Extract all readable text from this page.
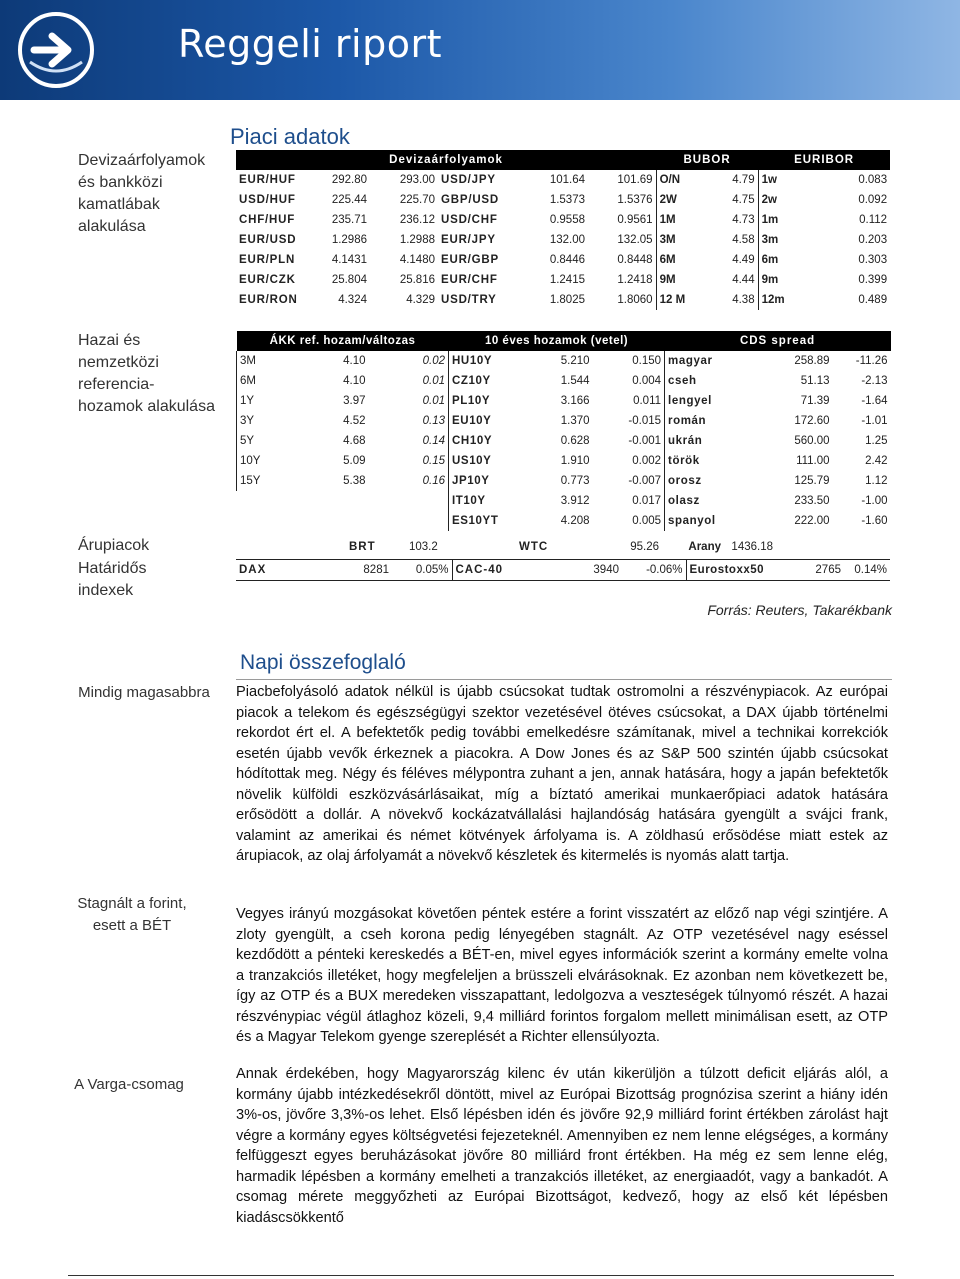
Reggeli riport
Piaci adatok
Devizaárfolyamok
és bankközi
kamatlábak
alakulása
Hazai és
nemzetközi
referencia-
hozamok alakulása
Árupiacok
Határidős
indexek
Devizaárfolyamok						BUBOR		EURIBOR	
EUR/HUF	292.80	293.00	USD/JPY	101.64	101.69	O/N	4.79	1w	0.083
USD/HUF	225.44	225.70	GBP/USD	1.5373	1.5376	2W	4.75	2w	0.092
CHF/HUF	235.71	236.12	USD/CHF	0.9558	0.9561	1M	4.73	1m	0.112
EUR/USD	1.2986	1.2988	EUR/JPY	132.00	132.05	3M	4.58	3m	0.203
EUR/PLN	4.1431	4.1480	EUR/GBP	0.8446	0.8448	6M	4.49	6m	0.303
EUR/CZK	25.804	25.816	EUR/CHF	1.2415	1.2418	9M	4.44	9m	0.399
EUR/RON	4.324	4.329	USD/TRY	1.8025	1.8060	12 M	4.38	12m	0.489
ÁKK ref. hozam/változas			10 éves hozamok (vetel)			CDS spread		
3M	4.10	0.02	HU10Y	5.210	0.150	magyar	258.89	-11.26
6M	4.10	0.01	CZ10Y	1.544	0.004	cseh	51.13	-2.13
1Y	3.97	0.01	PL10Y	3.166	0.011	lengyel	71.39	-1.64
3Y	4.52	0.13	EU10Y	1.370	-0.015	román	172.60	-1.01
5Y	4.68	0.14	CH10Y	0.628	-0.001	ukrán	560.00	1.25
10Y	5.09	0.15	US10Y	1.910	0.002	török	111.00	2.42
15Y	5.38	0.16	JP10Y	0.773	-0.007	orosz	125.79	1.12
			IT10Y	3.912	0.017	olasz	233.50	-1.00
			ES10YT	4.208	0.005	spanyol	222.00	-1.60
	BRT	103.2	WTC	95.26	Arany	1436.18
DAX	8281	0.05%	CAC-40	3940	-0.06%	Eurostoxx50	2765	0.14%
Forrás: Reuters, Takarékbank
Napi összefoglaló
Mindig magasabbra
Stagnált a forint,
esett a BÉT
A Varga-csomag
Piacbefolyásoló adatok nélkül is újabb csúcsokat tudtak ostromolni a részvénypiacok. Az európai piacok a telekom és egészségügyi szektor vezetésével ötéves csúcsokat, a DAX újabb történelmi rekordot ért el. A befektetők pedig további emelkedésre számítanak, mivel a technikai korrekciók esetén újabb vevők érkeznek a piacokra. A Dow Jones és az S&P 500 szintén újabb csúcsokat hódítottak meg. Négy és féléves mélypontra zuhant a jen, annak hatására, hogy a japán befektetők növelik külföldi eszközvásárlásaikat, míg a bíztató amerikai munkaerőpiaci adatok hatására erősödött a dollár. A növekvő kockázatvállalási hajlandóság hatására gyengült a svájci frank, valamint az amerikai és német kötvények árfolyama is. A zöldhasú erősödése miatt estek az árupiacok, az olaj árfolyamát a növekvő készletek és kitermelés is nyomás alatt tartja.
Vegyes irányú mozgásokat követően péntek estére a forint visszatért az előző nap végi szintjére. A zloty gyengült, a cseh korona pedig lényegében stagnált. Az OTP vezetésével nagy eséssel kezdődött a pénteki kereskedés a BÉT-en, mivel egyes információk szerint a kormány emelte volna a tranzakciós illetéket, hogy megfeleljen a brüsszeli elvárásoknak. Ez azonban nem következett be, így az OTP és a BUX meredeken visszapattant, ledolgozva a veszteségek túlnyomó részét. A hazai részvénypiac végül átlaghoz közeli, 9,4 milliárd forintos forgalom mellett minimálisan esett, az OTP és a Magyar Telekom gyenge szereplését a Richter ellensúlyozta.
Annak érdekében, hogy Magyarország kilenc év után kikerüljön a túlzott deficit eljárás alól, a kormány újabb intézkedésekről döntött, mivel az Európai Bizottság prognózisa szerint a hiány idén 3%-os, jövőre 3,3%-os lehet. Első lépésben idén és jövőre 92,9 milliárd forint értékben zárolást hajt végre a kormány egyes költségvetési fejezeteknél. Amennyiben ez nem lenne elégséges, a kormány felfüggeszt egyes beruházásokat jövőre 80 milliárd front értékben. Ha még ez sem lenne elég, harmadik lépésben a kormány emelheti a tranzakciós illetéket, az energiaadót, vagy a bankadót. A csomag mérete meggyőzheti az Európai Bizottságot, kedvező, hogy az első két lépésben kiadáscsökkentő
